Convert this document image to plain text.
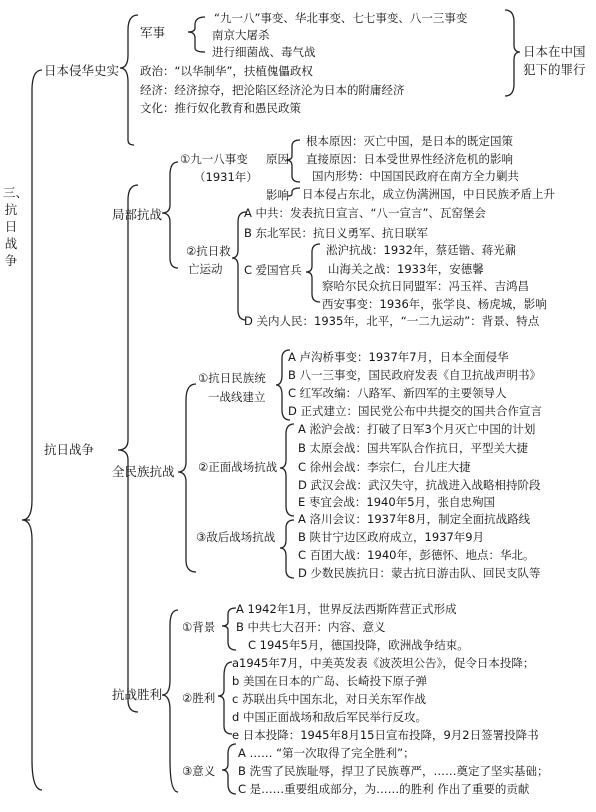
三、抗日战争
日本侵华史实
军事
“九一八”事变、华北事变、七七事变、八一三事变
南京大屠杀
进行细菌战、毒气战
政治：“以华制华”，扶植傀儡政权
经济：经济掠夺，把沦陷区经济沦为日本的附庸经济
文化：推行奴化教育和愚民政策
日本在中国
犯下的罪行
抗日战争
局部抗战
①九一八事变
（1931年）
原因
影响
根本原因：灭亡中国，是日本的既定国策
直接原因：日本受世界性经济危机的影响
国内形势：中国国民政府在南方全力剿共
日本侵占东北，成立伪满洲国，中日民族矛盾上升
A 中共：发表抗日宣言、“八一宣言”、瓦窑堡会
②抗日救
亡运动
B 东北军民：抗日义勇军、抗日联军
C 爱国官兵
淞沪抗战：1932年，蔡廷锴、蒋光鼐
山海关之战：1933年，安德馨
察哈尔民众抗日同盟军：冯玉祥、吉鸿昌
西安事变：1936年，张学良、杨虎城，影响
D 关内人民：1935年，北平，“一二九运动”：背景、特点
全民族抗战
①抗日民族统
一战线建立
A 卢沟桥事变：1937年7月，日本全面侵华
B 八一三事变，国民政府发表《自卫抗战声明书》
C 红军改编：八路军、新四军的主要领导人
D 正式建立：国民党公布中共提交的国共合作宣言
②正面战场抗战
A 淞沪会战：打破了日军3个月灭亡中国的计划
B 太原会战：国共军队合作抗日，平型关大捷
C 徐州会战：李宗仁，台儿庄大捷
D 武汉会战：武汉失守，抗战进入战略相持阶段
E 枣宜会战：1940年5月，张自忠殉国
③敌后战场抗战
A 洛川会议：1937年8月，制定全面抗战路线
B 陕甘宁边区政府成立，1937年9月
C 百团大战：1940年，彭德怀、地点：华北。
D 少数民族抗日：蒙古抗日游击队、回民支队等
抗战胜利
①背景
A 1942年1月，世界反法西斯阵营正式形成
B 中共七大召开：内容、意义
C 1945年5月，德国投降，欧洲战争结束。
a1945年7月，中美英发表《波茨坦公告》，促令日本投降；
②胜利
b 美国在日本的广岛、长崎投下原子弹
c 苏联出兵中国东北，对日关东军作战
d 中国正面战场和敌后军民举行反攻。
e 日本投降：1945年8月15日宣布投降，9月2日签署投降书
③意义
A …… “第一次取得了完全胜利”；
B 洗雪了民族耻辱，捍卫了民族尊严，……奠定了坚实基础；
C 是……重要组成部分，为……的胜利 作出了重要的贡献
